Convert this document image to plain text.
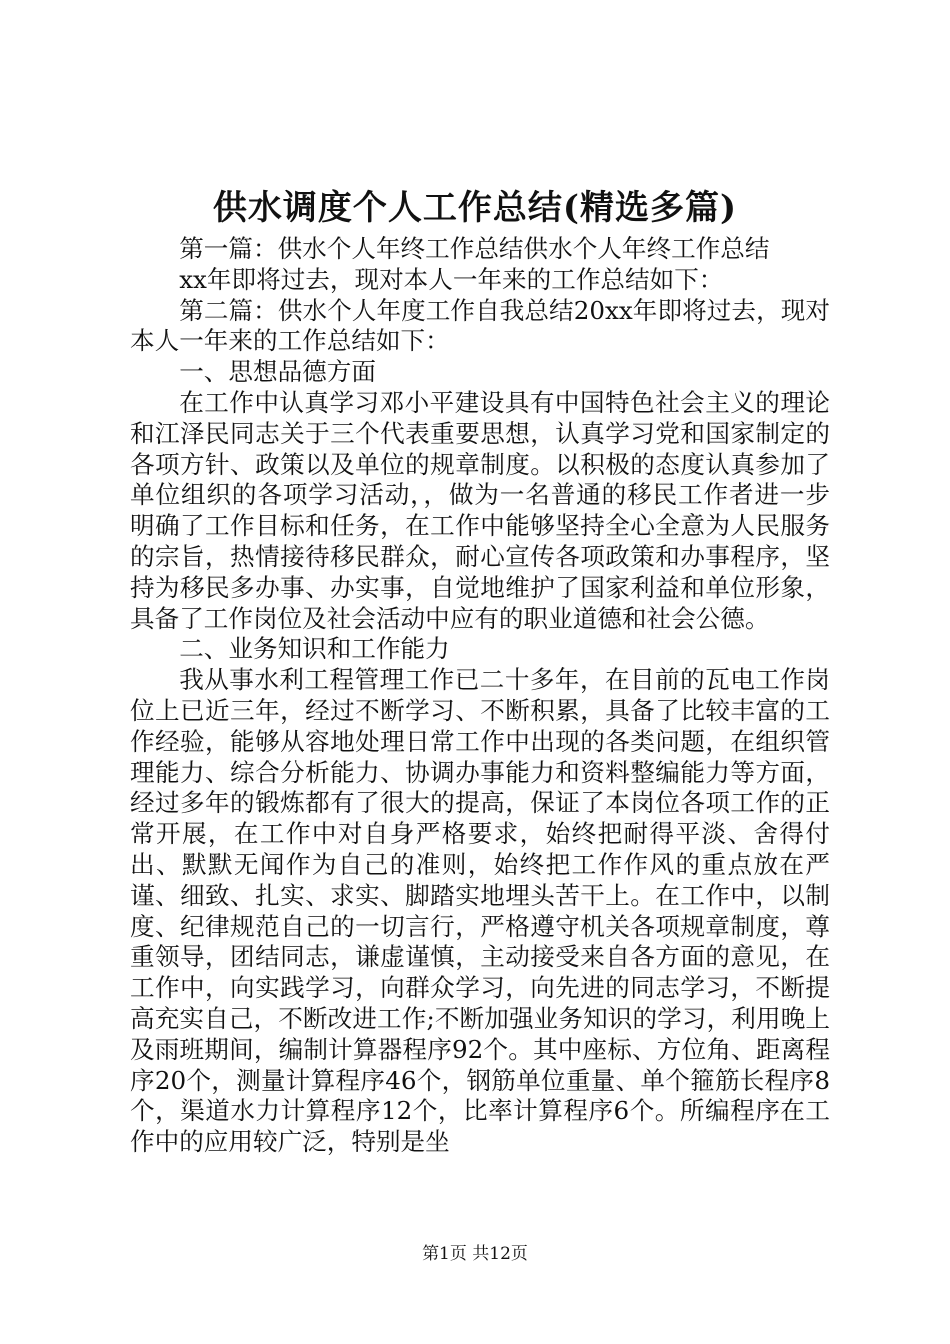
供水调度个人工作总结(精选多篇)

第一篇：供水个人年终工作总结供水个人年终工作总结

xx年即将过去，现对本人一年来的工作总结如下：

第二篇：供水个人年度工作自我总结20xx年即将过去，现对本人一年来的工作总结如下：

一、思想品德方面

在工作中认真学习邓小平建设具有中国特色社会主义的理论和江泽民同志关于三个代表重要思想，认真学习党和国家制定的各项方针、政策以及单位的规章制度。以积极的态度认真参加了单位组织的各项学习活动，，做为一名普通的移民工作者进一步明确了工作目标和任务，在工作中能够坚持全心全意为人民服务的宗旨，热情接待移民群众，耐心宣传各项政策和办事程序，坚持为移民多办事、办实事，自觉地维护了国家利益和单位形象，具备了工作岗位及社会活动中应有的职业道德和社会公德。

二、业务知识和工作能力

我从事水利工程管理工作已二十多年，在目前的瓦电工作岗位上已近三年，经过不断学习、不断积累，具备了比较丰富的工作经验，能够从容地处理日常工作中出现的各类问题，在组织管理能力、综合分析能力、协调办事能力和资料整编能力等方面，经过多年的锻炼都有了很大的提高，保证了本岗位各项工作的正常开展，在工作中对自身严格要求，始终把耐得平淡、舍得付出、默默无闻作为自己的准则，始终把工作作风的重点放在严谨、细致、扎实、求实、脚踏实地埋头苦干上。在工作中，以制度、纪律规范自己的一切言行，严格遵守机关各项规章制度，尊重领导，团结同志，谦虚谨慎，主动接受来自各方面的意见，在工作中，向实践学习，向群众学习，向先进的同志学习，不断提高充实自己，不断改进工作;不断加强业务知识的学习，利用晚上及雨班期间，编制计算器程序92个。其中座标、方位角、距离程序20个，测量计算程序46个，钢筋单位重量、单个箍筋长程序8个，渠道水力计算程序12个，比率计算程序6个。所编程序在工作中的应用较广泛，特别是坐

第1页 共12页
